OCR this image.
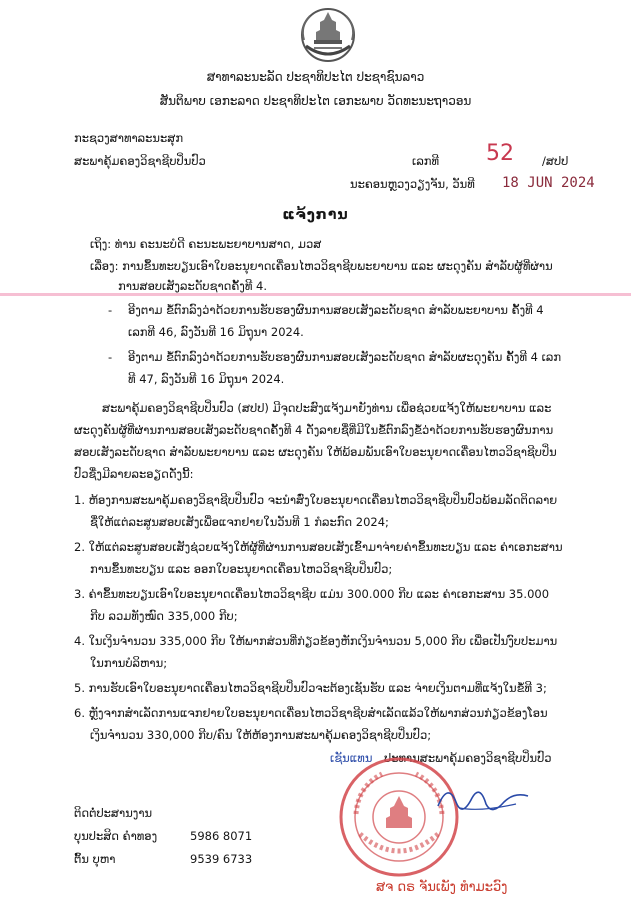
ສາທາລະນະລັດ ປະຊາທິປະໄຕ ປະຊາຊົນລາວ
ສັນຕິພາບ ເອກະລາດ ປະຊາທິປະໄຕ ເອກະພາບ ວັດທະນະຖາວອນ
ກະຊວງສາທາລະນະສຸກ
ສະພາຄຸ້ມຄອງວິຊາຊີບປິ່ນປົວ	ເລກທີ 52 /ສປປ
ນະຄອນຫຼວງວຽງຈັນ, ວັນທີ 18 JUN 2024
ແຈ້ງການ
ເຖິງ: ທ່ານ ຄະນະບໍດີ ຄະນະພະຍາບານສາດ, ມວສ
ເລື່ອງ: ການຂຶ້ນທະບຽນເອົາໃບອະນຸຍາດເຄື່ອນໄຫວວິຊາຊີບພະຍາບານ ແລະ ຜະດຸງຄັນ ສຳລັບຜູ້ທີ່ຜ່ານ
ການສອບເສັງລະດັບຊາດຄັ້ງທີ 4.
- ອີງຕາມ ຂໍ້ຕົກລົງວ່າດ້ວຍການຮັບຮອງຜົນການສອບເສັງລະດັບຊາດ ສຳລັບພະຍາບານ ຄັ້ງທີ 4
ເລກທີ 46, ລົງວັນທີ 16 ມິຖຸນາ 2024.
- ອີງຕາມ ຂໍ້ຕົກລົງວ່າດ້ວຍການຮັບຮອງຜົນການສອບເສັງລະດັບຊາດ ສຳລັບຜະດຸງຄັນ ຄັ້ງທີ 4 ເລກ
ທີ 47, ລົງວັນທີ 16 ມິຖຸນາ 2024.
ສະພາຄຸ້ມຄອງວິຊາຊີບປິ່ນປົວ (ສປປ) ມີຈຸດປະສົງແຈ້ງມາຍັງທ່ານ ເພື່ອຊ່ວຍແຈ້ງໃຫ້ພະຍາບານ ແລະ
ຜະດຸງຄັນຜູ້ທີ່ຜ່ານການສອບເສັງລະດັບຊາດຄັ້ງທີ 4 ດັ່ງລາຍຊື່ທີ່ມີໃນຂໍ້ຕົກລົງຂໍ້ວ່າດ້ວຍການຮັບຮອງຜົນການ
ສອບເສັງລະດັບຊາດ ສຳລັບພະຍາບານ ແລະ ຜະດຸງຄັນ ໃຫ້ພ້ອມພັນເອົາໃບອະນຸຍາດເຄື່ອນໄຫວວິຊາຊີບປິ່ນ
ປົວຊື່ງມີລາຍລະອຽດດັ່ງນີ້:
1. ຫ້ອງການສະພາຄຸ້ມຄອງວິຊາຊີບປິ່ນປົວ ຈະນຳສົ່ງໃບອະນຸຍາດເຄື່ອນໄຫວວິຊາຊີບປິ່ນປົວພ້ອມລັດຕິດລາຍ
ຊື່ໃຫ້ແຕ່ລະສູນສອບເສັງເພື່ອແຈກຢາຍໃນວັນທີ 1 ກໍລະກົດ 2024;
2. ໃຫ້ແຕ່ລະສູນສອບເສັງຊ່ວຍແຈ້ງໃຫ້ຜູ້ທີ່ຜ່ານການສອບເສັງເຂົ້າມາຈ່າຍຄ່າຂຶ້ນທະບຽນ ແລະ ຄ່າເອກະສານ
ການຂຶ້ນທະບຽນ ແລະ ອອກໃບອະນຸຍາດເຄື່ອນໄຫວວິຊາຊີບປິ່ນປົວ;
3. ຄ່າຂຶ້ນທະບຽນເອົາໃບອະນຸຍາດເຄື່ອນໄຫວວິຊາຊີບ ແມ່ນ 300.000 ກີບ ແລະ ຄ່າເອກະສານ 35.000
ກີບ ລວມທັງໝົດ 335,000 ກີບ;
4. ໃນເງິນຈຳນວນ 335,000 ກີບ ໃຫ້ພາກສ່ວນທີ່ກ່ຽວຂ້ອງຫັກເງິນຈຳນວນ 5,000 ກີບ ເພື່ອເປັນງົບປະມານ
ໃນການບໍລິຫານ;
5. ການຮັບເອົາໃບອະນຸຍາດເຄື່ອນໄຫວວິຊາຊີບປິ່ນປົວຈະຕ້ອງເຊັນຮັບ ແລະ ຈ່າຍເງິນຕາມທີ່ແຈ້ງໃນຂໍ້ທີ 3;
6. ຫຼັງຈາກສຳເລັດການແຈກຢາຍໃບອະນຸຍາດເຄື່ອນໄຫວວິຊາຊີບສຳເລັດແລ້ວໃຫ້ພາກສ່ວນກ່ຽວຂ້ອງໂອນ
ເງິນຈຳນວນ 330,000 ກີບ/ຄົນ ໃຫ້ຫ້ອງການສະພາຄຸ້ມຄອງວິຊາຊີບປິ່ນປົວ;
ເຊັນແທນ ປະທານສະພາຄຸ້ມຄອງວິຊາຊີບປິ່ນປົວ
ຕິດຕໍ່ປະສານງານ
ບຸນປະສິດ ຄຳທອງ	5986 8071
ຕົ້ນ ບຸຫາ	9539 6733
ສຈ ດຣ ຈັນເພັງ ທຳມະວົງ
